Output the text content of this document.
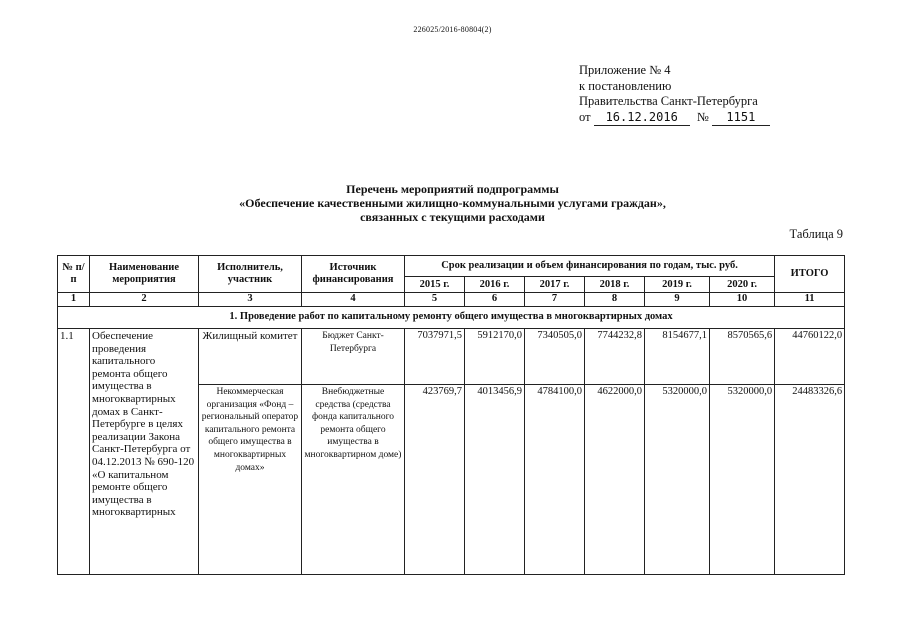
226025/2016-80804(2)
Приложение № 4
к постановлению
Правительства Санкт-Петербурга
от 16.12.2016 № 1151
Перечень мероприятий подпрограммы
«Обеспечение качественными жилищно-коммунальными услугами граждан»,
связанных с текущими расходами
Таблица 9
№ п/п	Наименование мероприятия	Исполнитель, участник	Источник финансирования	Срок реализации и объем финансирования по годам, тыс. руб.						ИТОГО
				2015 г.	2016 г.	2017 г.	2018 г.	2019 г.	2020 г.	
1	2	3	4	5	6	7	8	9	10	11
1. Проведение работ по капитальному ремонту общего имущества в многоквартирных домах										
1.1	Обеспечение проведения капитального ремонта общего имущества в многоквартирных домах в Санкт-Петербурге в целях реализации Закона Санкт-Петербурга от 04.12.2013 № 690-120 «О капитальном ремонте общего имущества в многоквартирных	Жилищный комитет	Бюджет Санкт-Петербурга	7037971,5	5912170,0	7340505,0	7744232,8	8154677,1	8570565,6	44760122,0
		Некоммерческая организация «Фонд – региональный оператор капитального ремонта общего имущества в многоквартирных домах»	Внебюджетные средства (средства фонда капитального ремонта общего имущества в многоквартирном доме)	423769,7	4013456,9	4784100,0	4622000,0	5320000,0	5320000,0	24483326,6
